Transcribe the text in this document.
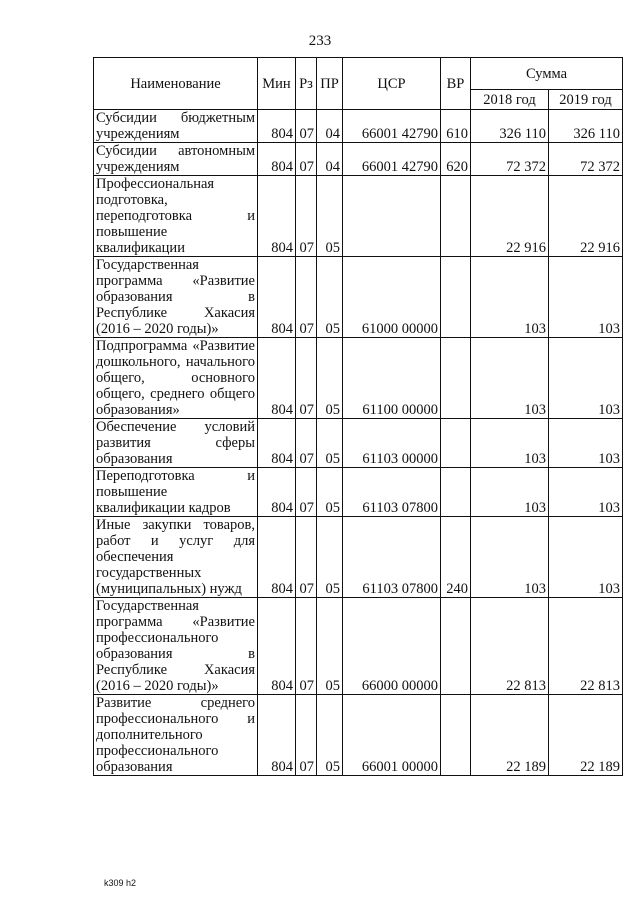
233
Наименование	Мин	Рз	ПР	ЦСР	ВР	Сумма	
						2018 год	2019 год
Субсидии бюджетным учреждениям	804	07	04	66001 42790	610	326 110	326 110
Субсидии автономным учреждениям	804	07	04	66001 42790	620	72 372	72 372
Профессиональная подготовка, переподготовка и повышение квалификации	804	07	05			22 916	22 916
Государственная программа «Развитие образования в Республике Хакасия (2016 – 2020 годы)»	804	07	05	61000 00000		103	103
Подпрограмма «Развитие дошкольного, начального общего, основного общего, среднего общего образования»	804	07	05	61100 00000		103	103
Обеспечение условий развития сферы образования	804	07	05	61103 00000		103	103
Переподготовка и повышение квалификации кадров	804	07	05	61103 07800		103	103
Иные закупки товаров, работ и услуг для обеспечения государственных (муниципальных) нужд	804	07	05	61103 07800	240	103	103
Государственная программа «Развитие профессионального образования в Республике Хакасия (2016 – 2020 годы)»	804	07	05	66000 00000		22 813	22 813
Развитие среднего профессионального и дополнительного профессионального образования	804	07	05	66001 00000		22 189	22 189
k309 h2
